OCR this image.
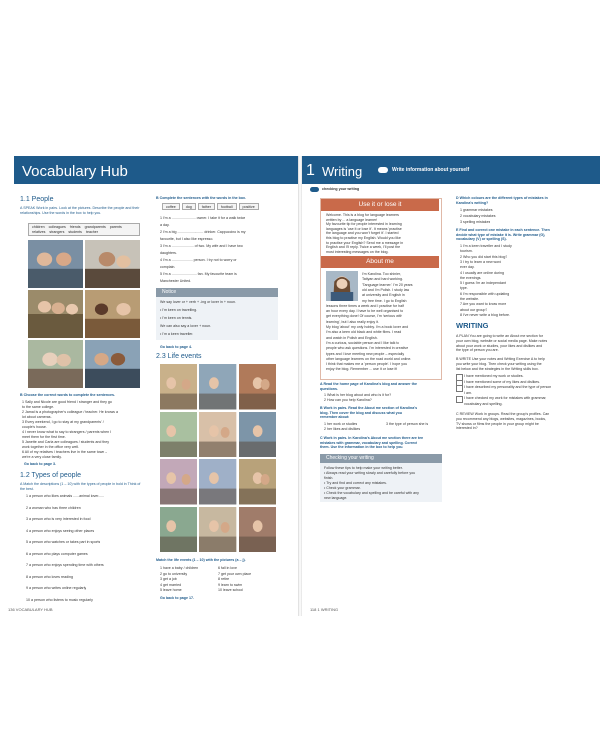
Vocabulary Hub
1.1 People
A SPEAK Work in pairs. Look at the pictures. Describe the people and their relationships. Use the words in the box to help you.
children colleagues friends grandparents parents
relatives strangers students teacher
B Choose the correct words to complete the sentences.
1 Sally and Nicole are good friend / stranger and they go
to the same college.
2 Jamal is a photographer's colleague / teacher. He knows a
lot about cameras.
3 Every weekend, I go to stay at my grandparents' /
couple's house.
4 I never know what to say to strangers / parents when I
meet them for the first time.
5 Janette and Carla are colleagues / students and they
work together in the office very well.
6 All of my relatives / teachers live in the same town –
we're a very close family.
Go back to page 3.
1.2 Types of people
A Match the descriptions (1 – 10) with the types of people in bold in Think of the best.
1 a person who likes animals ......animal lover......
2 a woman who has three children
3 a person who is very interested in food
4 a person who enjoys seeing other places
5 a person who watches or takes part in sports
6 a person who plays computer games
7 a person who enjoys spending time with others
8 a person who loves reading
9 a person who writes online regularly
10 a person who listens to music regularly
B Complete the sentences with the words in the box.
coffee	dog	father	football	positive
1 I'm a ........................ owner. I take it for a walk twice
a day.
2 I'm a big .......................... drinker. Cappuccino is my
favourite, but I also like espresso.
3 I'm a ...................... of two. My wife and I have two
daughters.
4 I'm a ..................... person. I try not to worry or
complain.
5 I'm a ......................... fan. My favourite team is
Manchester United.
Notice
We say lover or + verb + -ing or lover in + noun.
• I'm keen on travelling.
• I'm keen on tennis.
We can also say a lover + noun.
• I'm a keen traveller.
Go back to page 4.
2.3 Life events
Match the life events (1 – 10) with the pictures (a – j).
1 have a baby / children
2 go to university
3 get a job
4 get married
5 leave home
6 fall in love
7 get your own place
8 retire
9 learn to swim
10 leave school
Go back to page 17.
136 VOCABULARY HUB
1 Writing	Write information about yourself
checking your writing
Use it or lose it
Welcome. This is a blog for language learners
written by ... a language learner!
My favourite tip for people interested in learning
languages is 'use it or lose it'. It means 'practise
the language and you won't forget it'. I started
this blog to practise my English. Would you like
to practise your English? Send me a message in
English and I'll reply. Twice a week, I'll post the
most interesting messages on the blog.
About me
I'm Karolina. Too shinier,
Tatiyan and hard working.
'Tanguage learner.' I'm 20 years
old and I'm Polish. I study law
at university and English in
my free time. I go to English
lessons three times a week and I practise for half
an hour every day. I have to be well organised to
get everything done! Of course, I'm 'serious with
learning', but I also really enjoy it.
My blog 'about' my only hobby. I'm a book lover and
I'm also a keen old black and white films. I read
and watch in Polish and English.
I'm a curious, sociable person and I like talk to
people who ask questions. I'm interested in creative
types and I love meeting new people – especially
other language learners on the road world and online.
I think that makes me a 'person people'. I hope you
enjoy the blog. Remember ... use it or lose it!
A Read the home page of Karolina's blog and answer the
questions.
1 What is her blog about and who is it for?
2 How can you help Karolina?
B Work in pairs. Read the About me section of Karolina's
blog. Then cover the blog and discuss what you
remember about:
1 her work or studies
2 her likes and dislikes
3 the type of person she is
C Work in pairs. In Karolina's About me section there are ten
mistakes with grammar, vocabulary and spelling. Correct
them. Use the information in the box to help you.
Checking your writing
Follow these tips to help make your writing better.
• Always read your writing slowly and carefully before you
finish.
• Try and find and correct any mistakes.
• Check your grammar.
• Check the vocabulary and spelling and be careful with any
new language.
D Which colours are the different types of mistakes in
Karolina's writing?
1 grammar mistakes
2 vocabulary mistakes
3 spelling mistakes
E Find and correct one mistake in each sentence. Then
decide what type of mistake it is. Write grammar (G),
vocabulary (V) or spelling (S).
1 I'm a keen traveller and I study
tourism.
2 Who you did start this blog?
3 I try to learn a new word
ever day.
4 I usually are online during
the evenings.
5 I guess I'm an independant
type.
6 I'm responsible with updating
the website.
7 Are you want to know more
about our group?
8 I've never write a blog before.
WRITING
A PLAN You are going to write an About me section for
your own blog, website or social media page. Make notes
about your work or studies, your likes and dislikes and
the type of person you are.
B WRITE Use your notes and Writing Exercise A to help
you write your blog. Then check your writing using the
list below and the strategies in the Writing skills box.
I have mentioned my work or studies.
I have mentioned some of my likes and dislikes.
I have described my personality and the type of person
I am.
I have checked my work for mistakes with grammar,
vocabulary and spelling.
C REVIEW Work in groups. Read the group's profiles. Can
you recommend any blogs, websites, magazines, books,
TV shows or films the people in your group might be
interested in?
118 1 WRITING
